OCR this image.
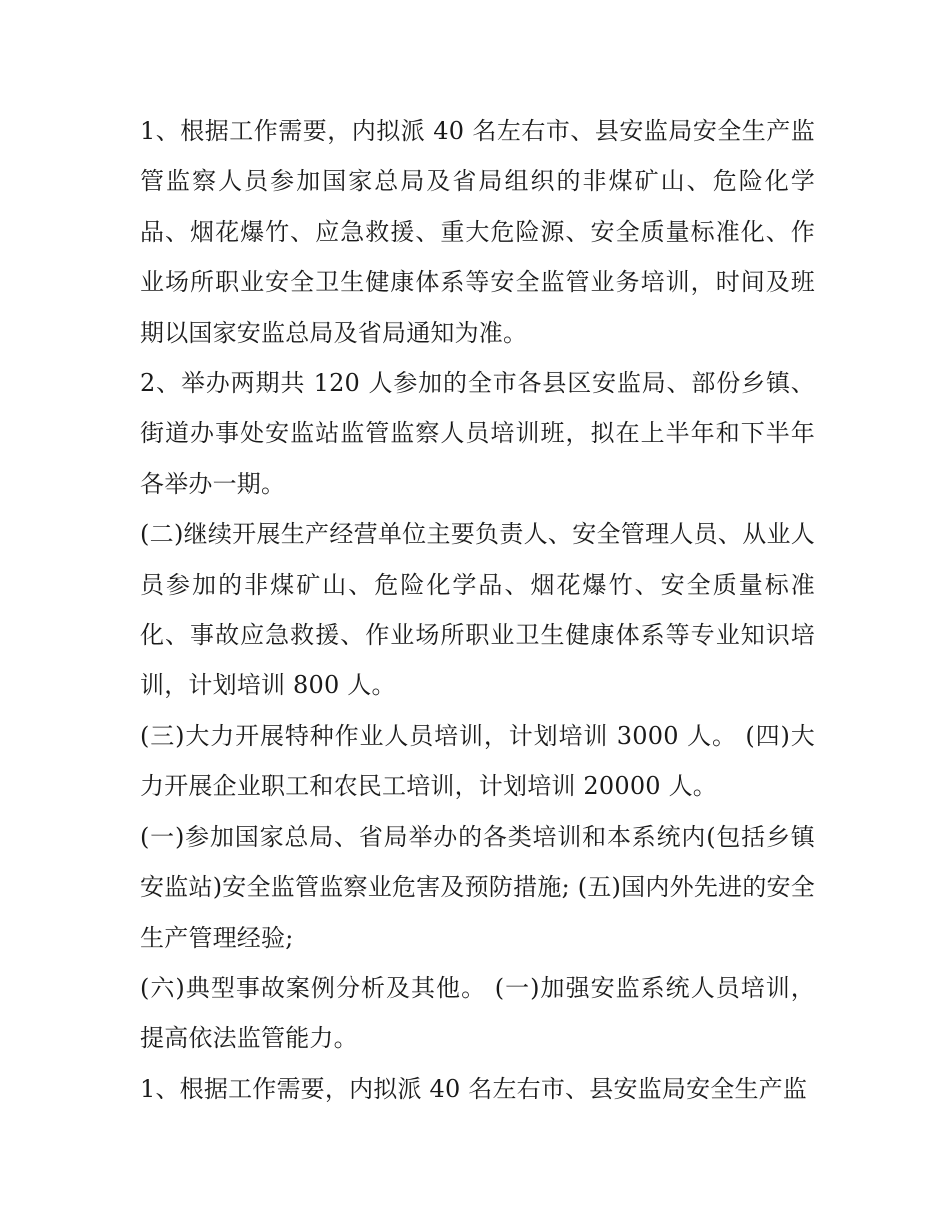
1、根据工作需要，内拟派 40 名左右市、县安监局安全生产监管监察人员参加国家总局及省局组织的非煤矿山、危险化学品、烟花爆竹、应急救援、重大危险源、安全质量标准化、作业场所职业安全卫生健康体系等安全监管业务培训，时间及班期以国家安监总局及省局通知为准。

2、举办两期共 120 人参加的全市各县区安监局、部份乡镇、街道办事处安监站监管监察人员培训班，拟在上半年和下半年各举办一期。

(二)继续开展生产经营单位主要负责人、安全管理人员、从业人员参加的非煤矿山、危险化学品、烟花爆竹、安全质量标准化、事故应急救援、作业场所职业卫生健康体系等专业知识培训，计划培训 800 人。

(三)大力开展特种作业人员培训，计划培训 3000 人。 (四)大力开展企业职工和农民工培训，计划培训 20000 人。

(一)参加国家总局、省局举办的各类培训和本系统内(包括乡镇安监站)安全监管监察业危害及预防措施; (五)国内外先进的安全生产管理经验;

(六)典型事故案例分析及其他。 (一)加强安监系统人员培训，提高依法监管能力。

1、根据工作需要，内拟派 40 名左右市、县安监局安全生产监
